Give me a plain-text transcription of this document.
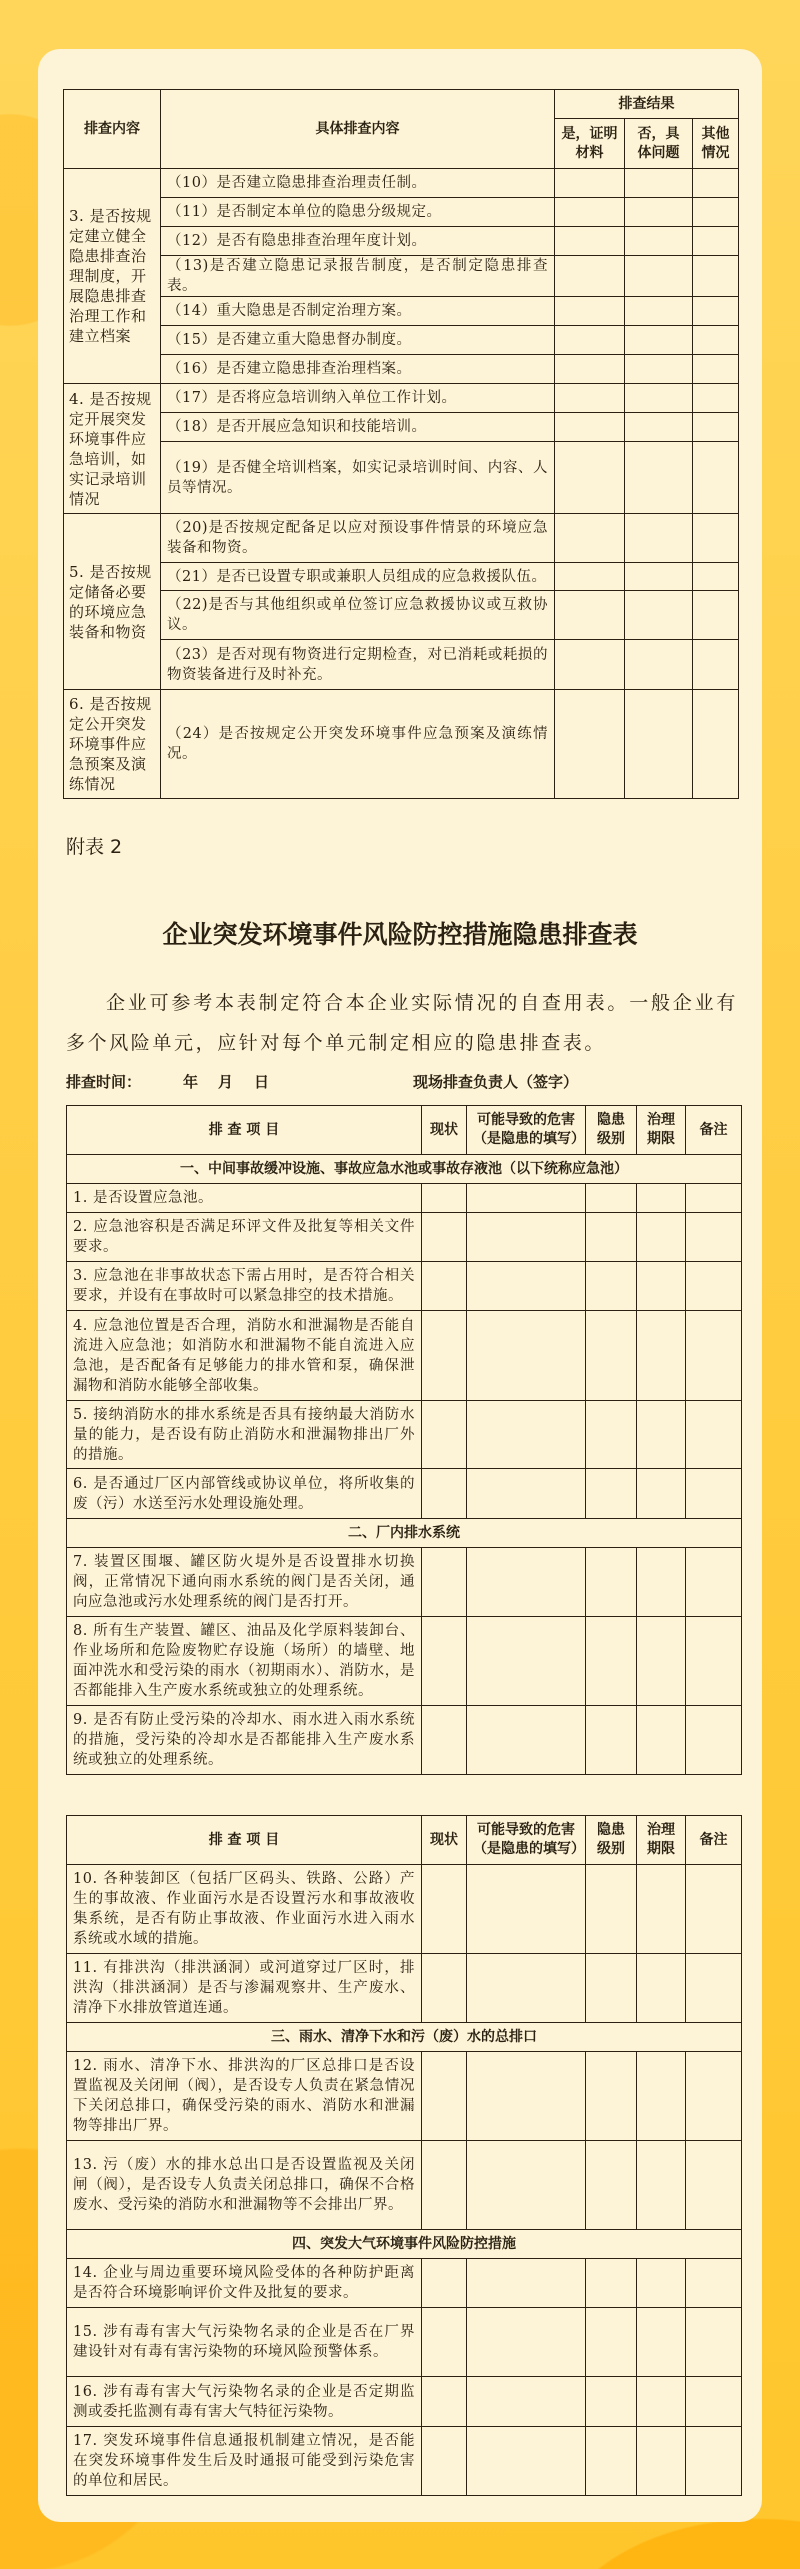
排查内容	具体排查内容	排查结果		
		是，证明材料	否，具体问题	其他情况
3. 是否按规定建立健全隐患排查治理制度，开展隐患排查治理工作和建立档案	（10）是否建立隐患排查治理责任制。			
	（11）是否制定本单位的隐患分级规定。			
	（12）是否有隐患排查治理年度计划。			
	（13)是否建立隐患记录报告制度，是否制定隐患排查表。			
	（14）重大隐患是否制定治理方案。			
	（15）是否建立重大隐患督办制度。			
	（16）是否建立隐患排查治理档案。			
4. 是否按规定开展突发环境事件应急培训，如实记录培训情况	（17）是否将应急培训纳入单位工作计划。			
	（18）是否开展应急知识和技能培训。			
	（19）是否健全培训档案，如实记录培训时间、内容、人员等情况。			
5. 是否按规定储备必要的环境应急装备和物资	（20)是否按规定配备足以应对预设事件情景的环境应急装备和物资。			
	（21）是否已设置专职或兼职人员组成的应急救援队伍。			
	（22)是否与其他组织或单位签订应急救援协议或互救协议。			
	（23）是否对现有物资进行定期检查，对已消耗或耗损的物资装备进行及时补充。			
6. 是否按规定公开突发环境事件应急预案及演练情况	（24）是否按规定公开突发环境事件应急预案及演练情况。			
附表 2
企业突发环境事件风险防控措施隐患排查表
企业可参考本表制定符合本企业实际情况的自查用表。一般企业有多个风险单元，应针对每个单元制定相应的隐患排查表。
排查时间：	年 月 日	现场排查负责人（签字）
排 查 项 目	现状	可能导致的危害（是隐患的填写）	隐患级别	治理期限	备注
一、中间事故缓冲设施、事故应急水池或事故存液池（以下统称应急池）					
1. 是否设置应急池。					
2. 应急池容积是否满足环评文件及批复等相关文件要求。					
3. 应急池在非事故状态下需占用时，是否符合相关要求，并设有在事故时可以紧急排空的技术措施。					
4. 应急池位置是否合理，消防水和泄漏物是否能自流进入应急池；如消防水和泄漏物不能自流进入应急池，是否配备有足够能力的排水管和泵，确保泄漏物和消防水能够全部收集。					
5. 接纳消防水的排水系统是否具有接纳最大消防水量的能力，是否设有防止消防水和泄漏物排出厂外的措施。					
6. 是否通过厂区内部管线或协议单位，将所收集的废（污）水送至污水处理设施处理。					
二、厂内排水系统					
7. 装置区围堰、罐区防火堤外是否设置排水切换阀，正常情况下通向雨水系统的阀门是否关闭，通向应急池或污水处理系统的阀门是否打开。					
8. 所有生产装置、罐区、油品及化学原料装卸台、作业场所和危险废物贮存设施（场所）的墙壁、地面冲洗水和受污染的雨水（初期雨水）、消防水，是否都能排入生产废水系统或独立的处理系统。					
9. 是否有防止受污染的冷却水、雨水进入雨水系统的措施，受污染的冷却水是否都能排入生产废水系统或独立的处理系统。					
排 查 项 目	现状	可能导致的危害（是隐患的填写）	隐患级别	治理期限	备注
10. 各种装卸区（包括厂区码头、铁路、公路）产生的事故液、作业面污水是否设置污水和事故液收集系统，是否有防止事故液、作业面污水进入雨水系统或水域的措施。					
11. 有排洪沟（排洪涵洞）或河道穿过厂区时，排洪沟（排洪涵洞）是否与渗漏观察井、生产废水、清净下水排放管道连通。					
三、雨水、清净下水和污（废）水的总排口					
12. 雨水、清净下水、排洪沟的厂区总排口是否设置监视及关闭闸（阀），是否设专人负责在紧急情况下关闭总排口，确保受污染的雨水、消防水和泄漏物等排出厂界。					
13. 污（废）水的排水总出口是否设置监视及关闭闸（阀），是否设专人负责关闭总排口，确保不合格废水、受污染的消防水和泄漏物等不会排出厂界。					
四、突发大气环境事件风险防控措施					
14. 企业与周边重要环境风险受体的各种防护距离是否符合环境影响评价文件及批复的要求。					
15. 涉有毒有害大气污染物名录的企业是否在厂界建设针对有毒有害污染物的环境风险预警体系。					
16. 涉有毒有害大气污染物名录的企业是否定期监测或委托监测有毒有害大气特征污染物。					
17. 突发环境事件信息通报机制建立情况，是否能在突发环境事件发生后及时通报可能受到污染危害的单位和居民。					
